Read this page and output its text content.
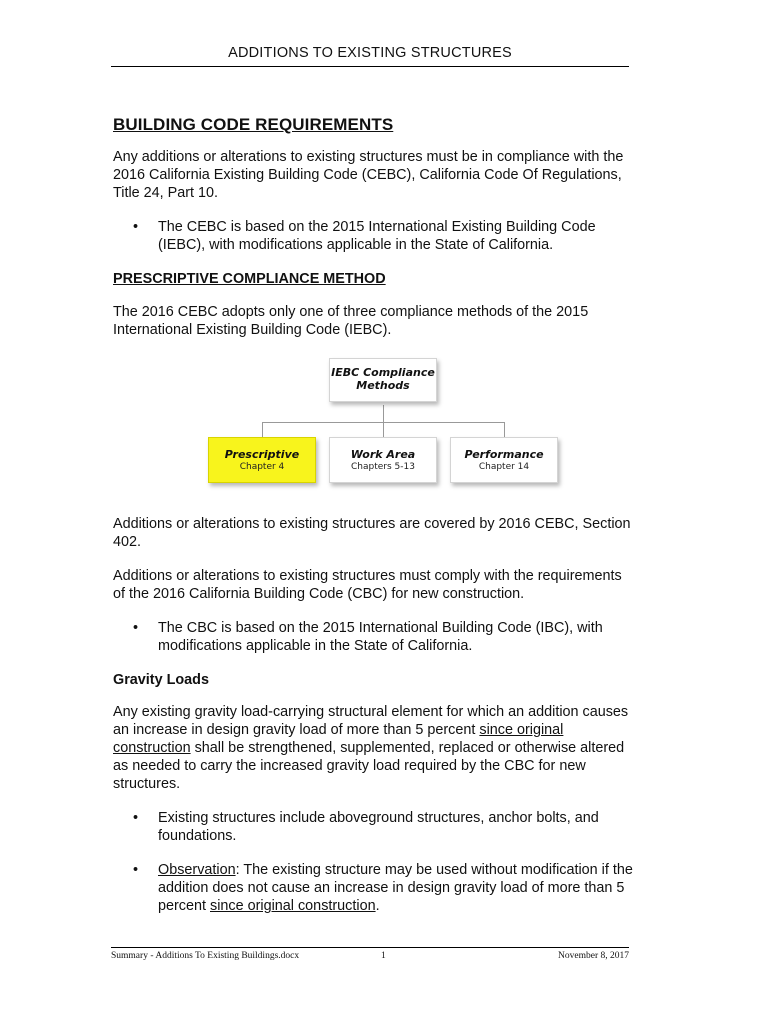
ADDITIONS TO EXISTING STRUCTURES
BUILDING CODE REQUIREMENTS

Any additions or alterations to existing structures must be in compliance with the 2016 California Existing Building Code (CEBC), California Code Of Regulations, Title 24, Part 10.

• The CEBC is based on the 2015 International Existing Building Code (IEBC), with modifications applicable in the State of California.
PRESCRIPTIVE COMPLIANCE METHOD

The 2016 CEBC adopts only one of three compliance methods of the 2015 International Existing Building Code (IEBC).

IEBC Compliance
Methods
Prescriptive
Chapter 4
Work Area
Chapters 5-13
Performance
Chapter 14

Additions or alterations to existing structures are covered by 2016 CEBC, Section 402.

Additions or alterations to existing structures must comply with the requirements of the 2016 California Building Code (CBC) for new construction.

• The CBC is based on the 2015 International Building Code (IBC), with modifications applicable in the State of California.
Gravity Loads

Any existing gravity load-carrying structural element for which an addition causes an increase in design gravity load of more than 5 percent since original construction shall be strengthened, supplemented, replaced or otherwise altered as needed to carry the increased gravity load required by the CBC for new structures.

• Existing structures include aboveground structures, anchor bolts, and foundations.
• Observation: The existing structure may be used without modification if the addition does not cause an increase in design gravity load of more than 5 percent since original construction.
Summary - Additions To Existing Buildings.docx	1	November 8, 2017
